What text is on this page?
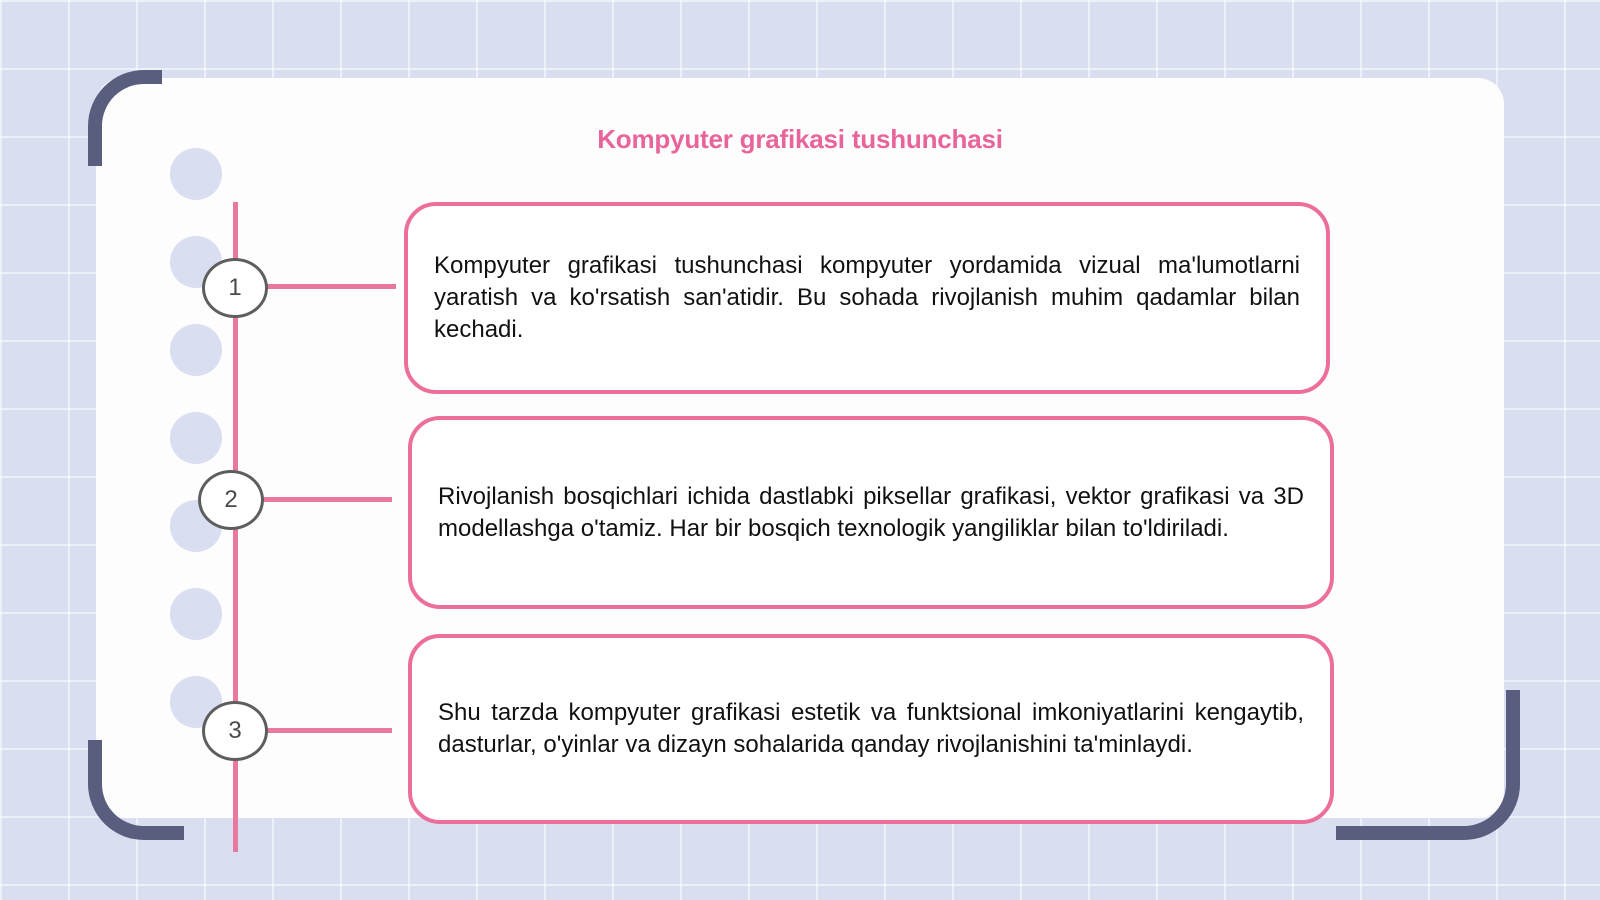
Kompyuter grafikasi tushunchasi
1
Kompyuter grafikasi tushunchasi kompyuter yordamida vizual ma'lumotlarni yaratish va ko'rsatish san'atidir. Bu sohada rivojlanish muhim qadamlar bilan kechadi.
2	Rivojlanish bosqichlari ichida dastlabki piksellar grafikasi, vektor grafikasi va 3D modellashga o'tamiz. Har bir bosqich texnologik yangiliklar bilan to'ldiriladi.
3
Shu tarzda kompyuter grafikasi estetik va funktsional imkoniyatlarini kengaytib, dasturlar, o'yinlar va dizayn sohalarida qanday rivojlanishini ta'minlaydi.
